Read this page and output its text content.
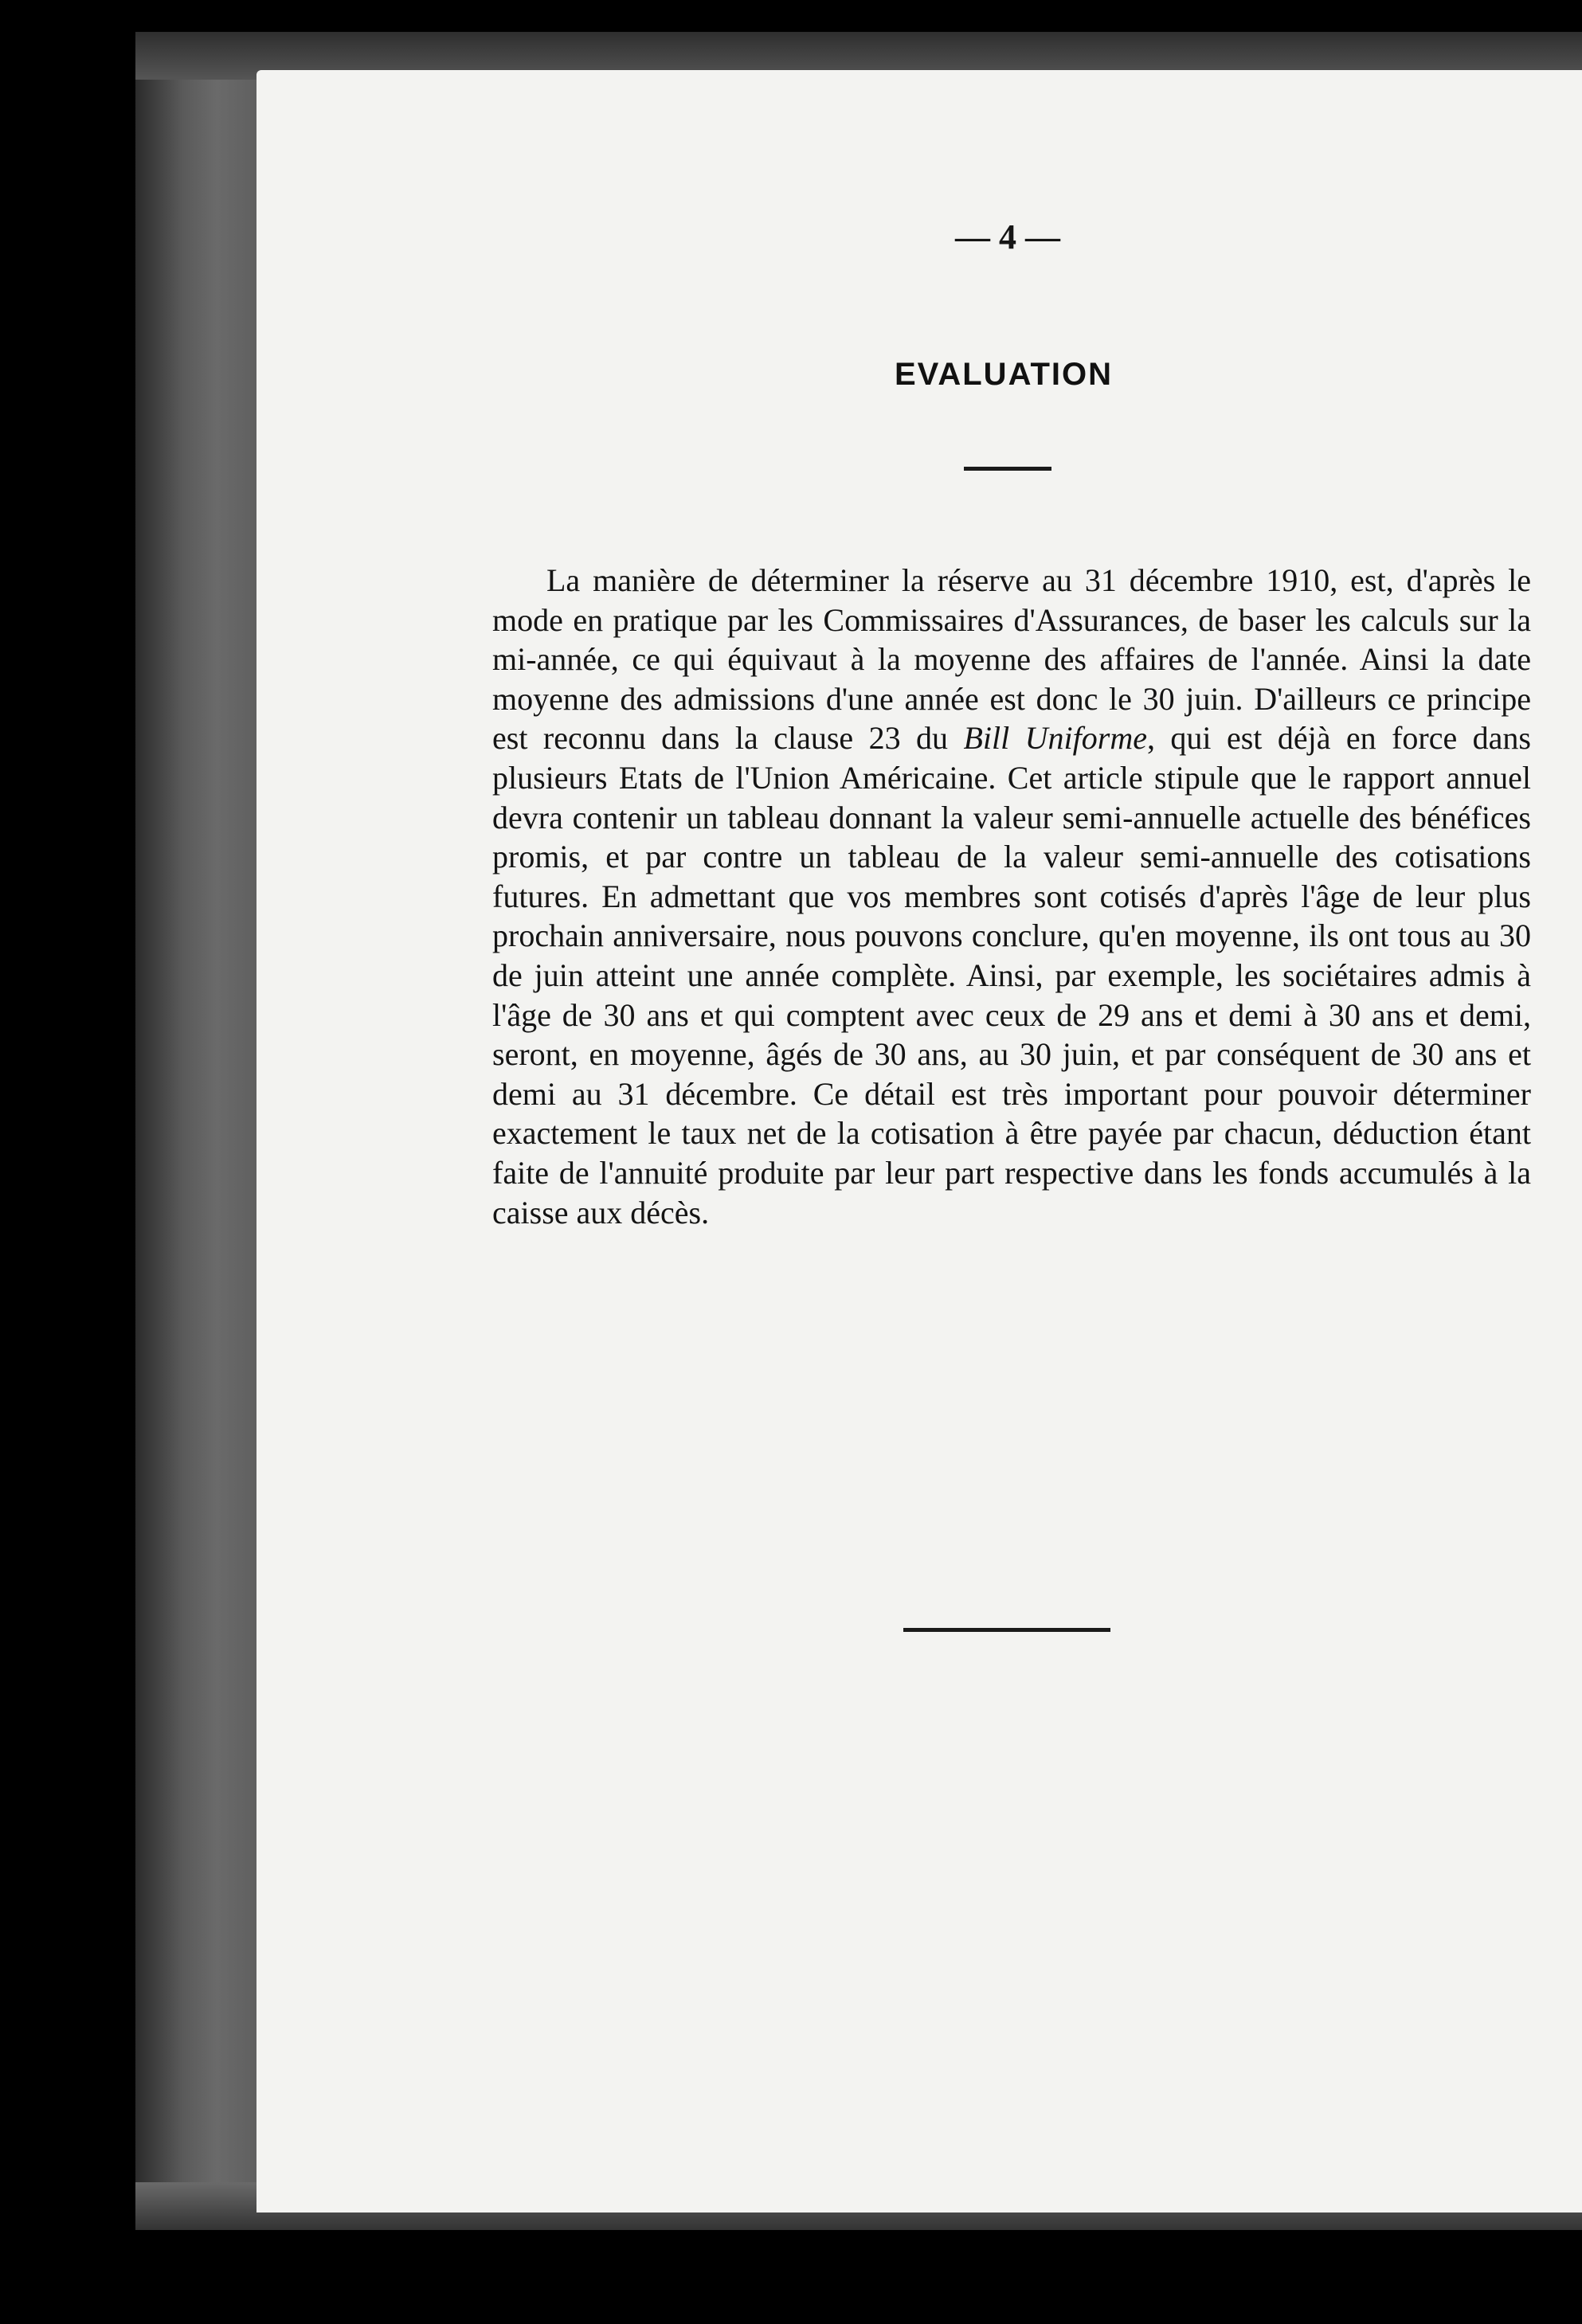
— 4 —
EVALUATION

La manière de déterminer la réserve au 31 décembre 1910, est, d'après le mode en pratique par les Commissaires d'Assurances, de baser les calculs sur la mi-année, ce qui équivaut à la moyenne des affaires de l'année. Ainsi la date moyenne des admissions d'une année est donc le 30 juin. D'ailleurs ce principe est reconnu dans la clause 23 du Bill Uniforme, qui est déjà en force dans plusieurs Etats de l'Union Américaine. Cet article stipule que le rapport annuel devra contenir un tableau donnant la valeur semi-annuelle actuelle des bénéfices promis, et par contre un tableau de la valeur semi-annuelle des cotisations futures. En admettant que vos membres sont cotisés d'après l'âge de leur plus prochain anniversaire, nous pouvons conclure, qu'en moyenne, ils ont tous au 30 de juin atteint une année complète. Ainsi, par exemple, les sociétaires admis à l'âge de 30 ans et qui comptent avec ceux de 29 ans et demi à 30 ans et demi, seront, en moyenne, âgés de 30 ans, au 30 juin, et par conséquent de 30 ans et demi au 31 décembre. Ce détail est très important pour pouvoir déterminer exactement le taux net de la cotisation à être payée par chacun, déduction étant faite de l'annuité produite par leur part respective dans les fonds accumulés à la caisse aux décès.
